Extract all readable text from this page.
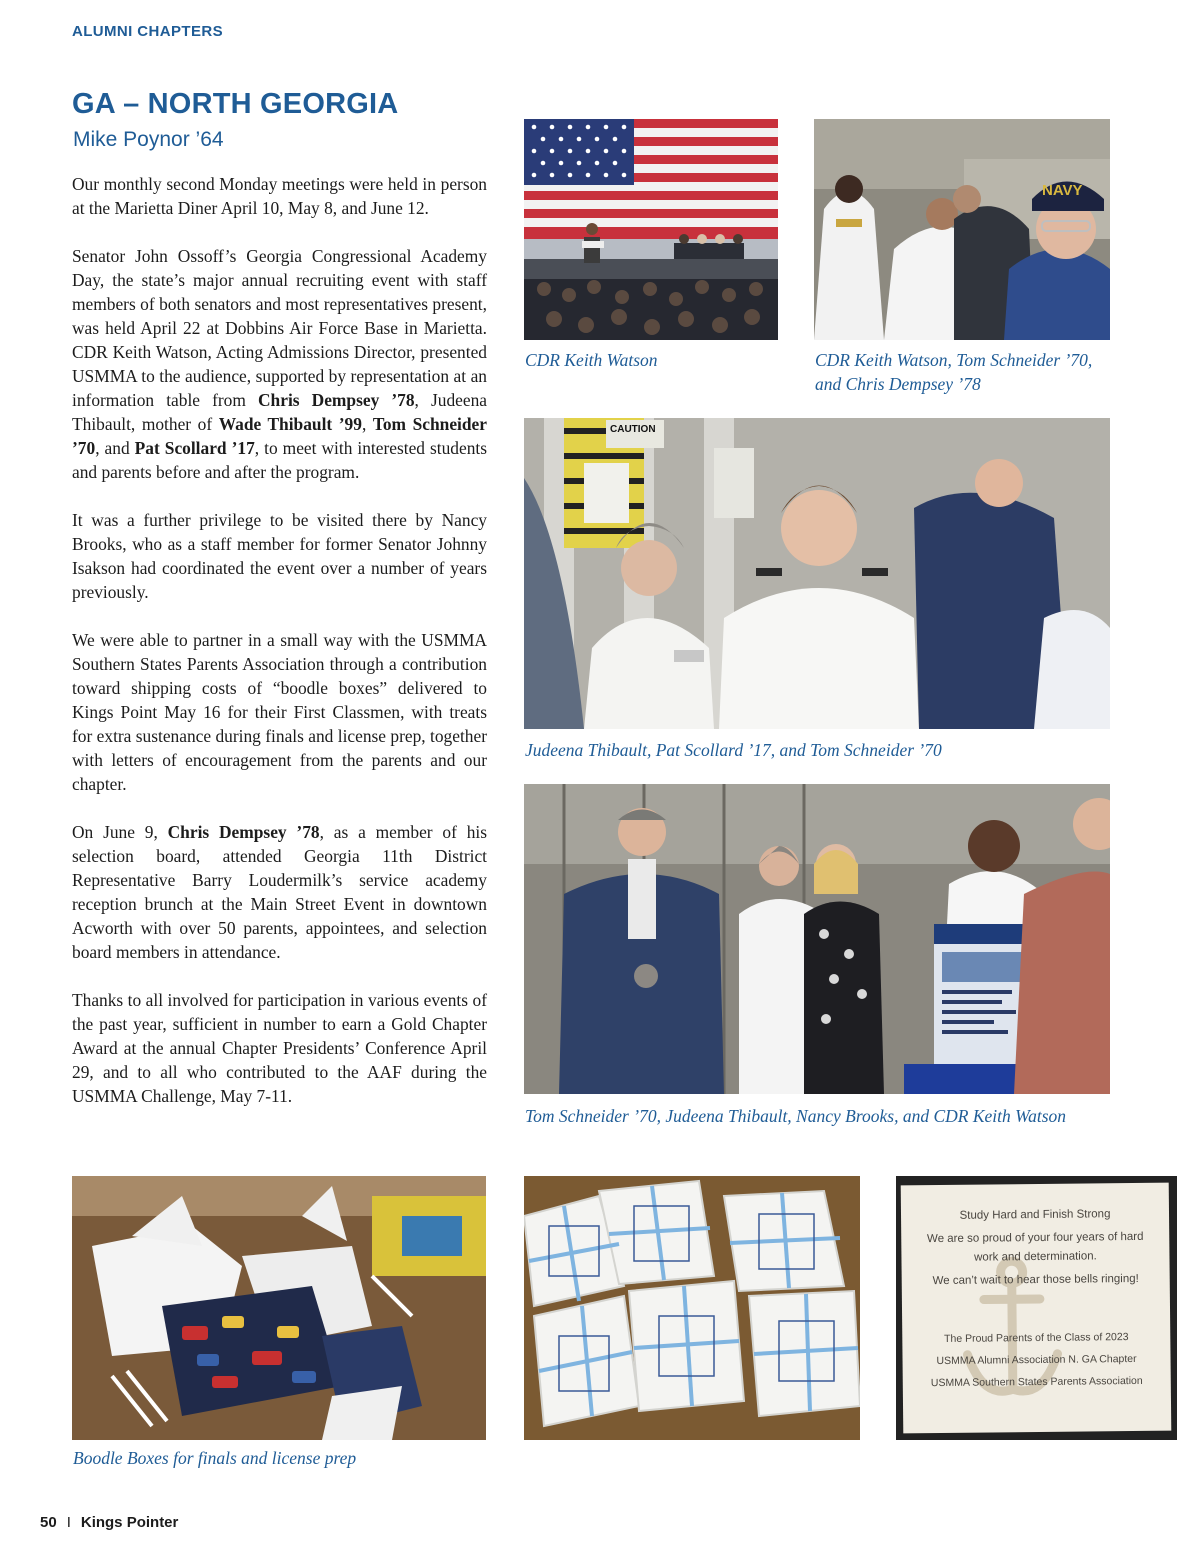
ALUMNI CHAPTERS
GA – NORTH GEORGIA
Mike Poynor ’64

Our monthly second Monday meetings were held in person at the Marietta Diner April 10, May 8, and June 12.

Senator John Ossoff’s Georgia Congressional Academy Day, the state’s major annual recruiting event with staff members of both senators and most representatives present, was held April 22 at Dobbins Air Force Base in Marietta. CDR Keith Watson, Acting Admissions Director, presented USMMA to the audience, supported by representation at an information table from Chris Dempsey ’78, Judeena Thibault, mother of Wade Thibault ’99, Tom Schneider ’70, and Pat Scollard ’17, to meet with interested students and parents before and after the program.

It was a further privilege to be visited there by Nancy Brooks, who as a staff member for former Senator Johnny Isakson had coordinated the event over a number of years previously.

We were able to partner in a small way with the USMMA Southern States Parents Association through a contribution toward shipping costs of “boodle boxes” delivered to Kings Point May 16 for their First Classmen, with treats for extra sustenance during finals and license prep, together with letters of encouragement from the parents and our chapter.

On June 9, Chris Dempsey ’78, as a member of his selection board, attended Georgia 11th District Representative Barry Loudermilk’s service academy reception brunch at the Main Street Event in downtown Acworth with over 50 parents, appointees, and selection board members in attendance.

Thanks to all involved for participation in various events of the past year, sufficient in number to earn a Gold Chapter Award at the annual Chapter Presidents’ Conference April 29, and to all who contributed to the AAF during the USMMA Challenge, May 7-11.

CDR Keith Watson
NAVY
CDR Keith Watson, Tom Schneider ’70, and Chris Dempsey ’78
CAUTION
Judeena Thibault, Pat Scollard ’17, and Tom Schneider ’70
Tom Schneider ’70, Judeena Thibault, Nancy Brooks, and CDR Keith Watson
Study Hard and Finish Strong
We are so proud of your four years of hard
work and determination.
We can’t wait to hear those bells ringing!
The Proud Parents of the Class of 2023
USMMA Alumni Association N. GA Chapter
USMMA Southern States Parents Association
Boodle Boxes for finals and license prep
50 I Kings Pointer
